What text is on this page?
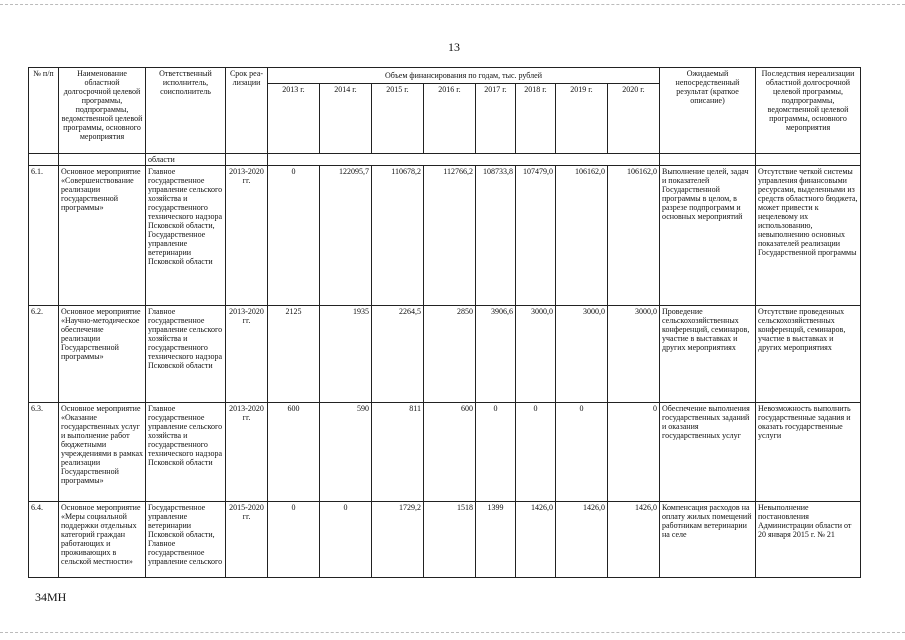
13
№ п/п	Наименование областной долгосрочной целевой программы, подпрограммы, ведомственной целевой программы, основного мероприятия	Ответственный исполнитель, соисполнитель	Срок реа-лизации	Объем финансирования по годам, тыс. рублей								Ожидаемый непосредственный результат (краткое описание)	Последствия нереализации областной долгосрочной целевой программы, подпрограммы, ведомственной целевой программы, основного мероприятия
				2013 г.	2014 г.	2015 г.	2016 г.	2017 г.	2018 г.	2019 г.	2020 г.		
		области											
6.1.	Основное мероприятие «Совершенствование реализации государственной программы»	Главное государственное управление сельского хозяйства и государственного технического надзора Псковской области, Государственное управление ветеринарии Псковской области	2013-2020 гг.	0	122095,7	110678,2	112766,2	108733,8	107479,0	106162,0	106162,0	Выполнение целей, задач и показателей Государственной программы в целом, в разрезе подпрограмм и основных мероприятий	Отсутствие четкой системы управления финансовыми ресурсами, выделенными из средств областного бюджета, может привести к нецелевому их использованию, невыполнению основных показателей реализации Государственной программы
6.2.	Основное мероприятие «Научно-методическое обеспечение реализации Государственной программы»	Главное государственное управление сельского хозяйства и государственного технического надзора Псковской области	2013-2020 гг.	2125	1935	2264,5	2850	3906,6	3000,0	3000,0	3000,0	Проведение сельскохозяйственных конференций, семинаров, участие в выставках и других мероприятиях	Отсутствие проведенных сельскохозяйственных конференций, семинаров, участие в выставках и других мероприятиях
6.3.	Основное мероприятие «Оказание государственных услуг и выполнение работ бюджетными учреждениями в рамках реализации Государственной программы»	Главное государственное управление сельского хозяйства и государственного технического надзора Псковской области	2013-2020 гг.	600	590	811	600	0	0	0	0	Обеспечение выполнения государственных заданий и оказания государственных услуг	Невозможность выполнить государственные задания и оказать государственные услуги
6.4.	Основное мероприятие «Меры социальной поддержки отдельных категорий граждан работающих и проживающих в сельской местности»	Государственное управление ветеринарии Псковской области, Главное государственное управление сельского	2015-2020 гг.	0	0	1729,2	1518	1399	1426,0	1426,0	1426,0	Компенсация расходов на оплату жилых помещений работникам ветеринарии на селе	Невыполнение постановления Администрации области от 20 января 2015 г. № 21
34МН
